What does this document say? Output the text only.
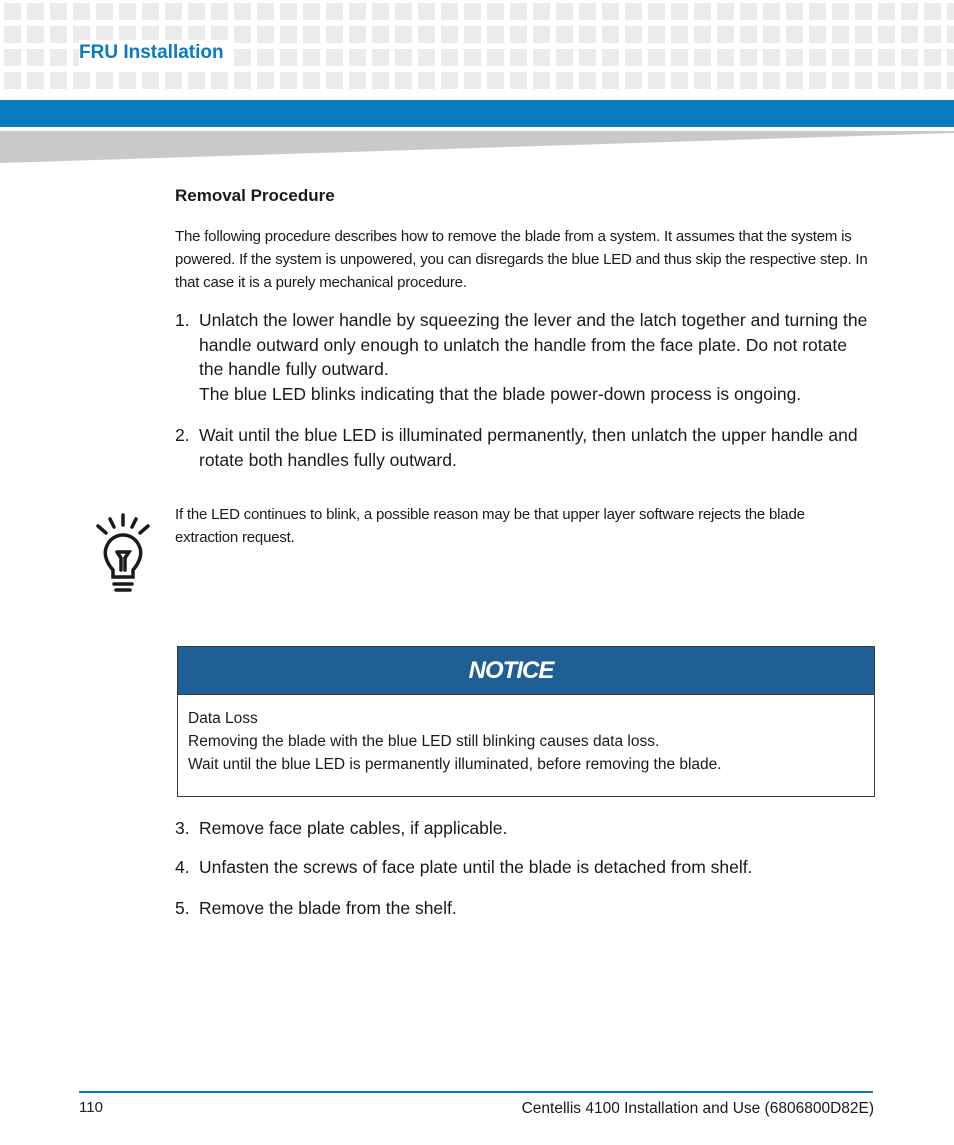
FRU Installation
Removal Procedure
The following procedure describes how to remove the blade from a system. It assumes that the system is powered. If the system is unpowered, you can disregards the blue LED and thus skip the respective step. In that case it is a purely mechanical procedure.
1. Unlatch the lower handle by squeezing the lever and the latch together and turning the handle outward only enough to unlatch the handle from the face plate. Do not rotate the handle fully outward.
The blue LED blinks indicating that the blade power-down process is ongoing.
2. Wait until the blue LED is illuminated permanently, then unlatch the upper handle and rotate both handles fully outward.
If the LED continues to blink, a possible reason may be that upper layer software rejects the blade extraction request.
NOTICE
Data Loss
Removing the blade with the blue LED still blinking causes data loss.
Wait until the blue LED is permanently illuminated, before removing the blade.
3. Remove face plate cables, if applicable.
4. Unfasten the screws of face plate until the blade is detached from shelf.
5. Remove the blade from the shelf.
110	Centellis 4100 Installation and Use (6806800D82E)
